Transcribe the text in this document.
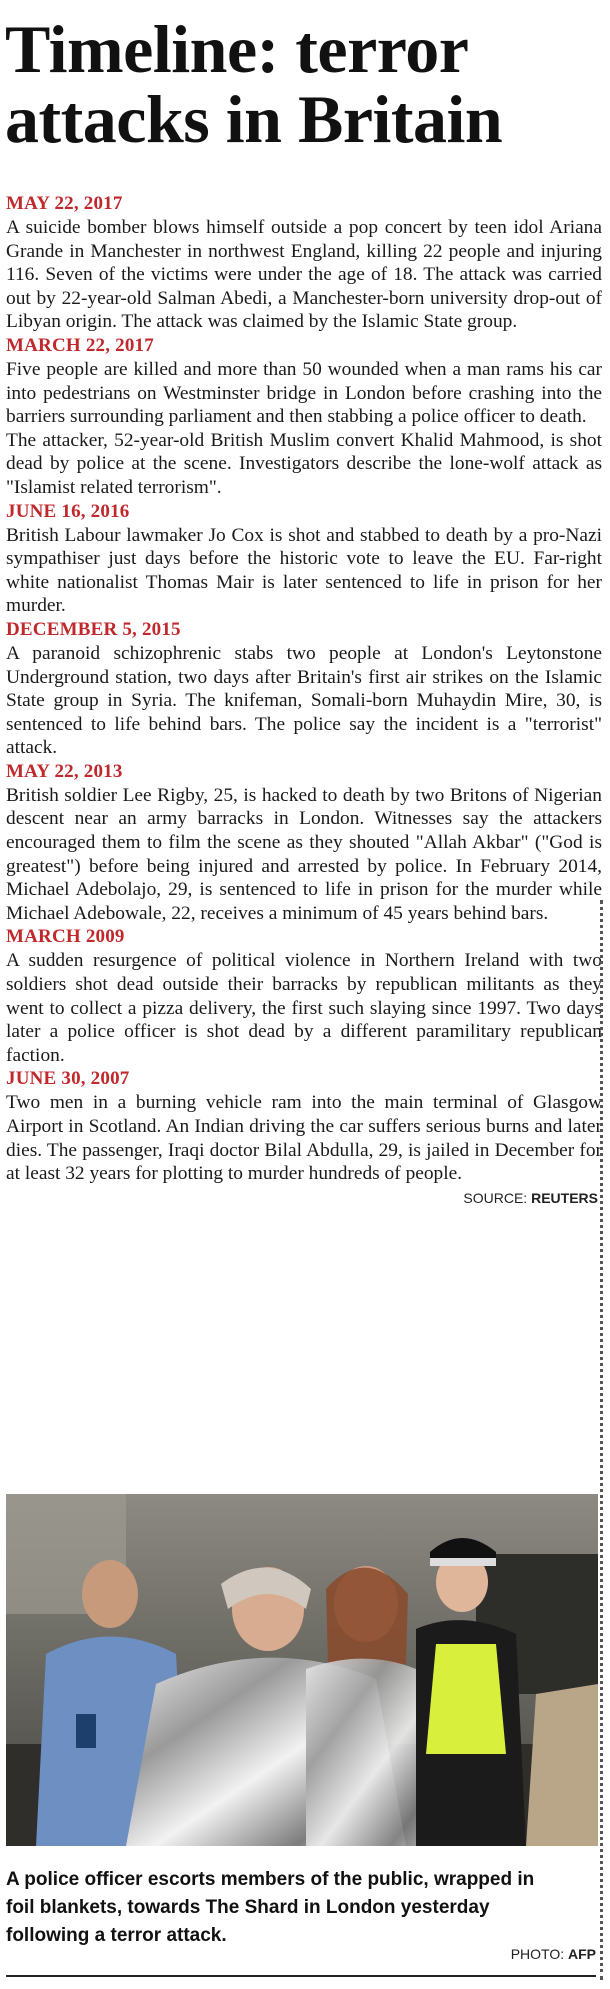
Timeline: terror attacks in Britain
MAY 22, 2017

A suicide bomber blows himself outside a pop concert by teen idol Ariana Grande in Manchester in northwest England, killing 22 people and injuring 116. Seven of the victims were under the age of 18. The attack was carried out by 22-year-old Salman Abedi, a Manchester-born university drop-out of Libyan origin. The attack was claimed by the Islamic State group.

MARCH 22, 2017

Five people are killed and more than 50 wounded when a man rams his car into pedestrians on Westminster bridge in London before crashing into the barriers surrounding parliament and then stabbing a police officer to death.

The attacker, 52-year-old British Muslim convert Khalid Mahmood, is shot dead by police at the scene. Investigators describe the lone-wolf attack as "Islamist related terrorism".

JUNE 16, 2016

British Labour lawmaker Jo Cox is shot and stabbed to death by a pro-Nazi sympathiser just days before the historic vote to leave the EU. Far-right white nationalist Thomas Mair is later sentenced to life in prison for her murder.

DECEMBER 5, 2015

A paranoid schizophrenic stabs two people at London's Leytonstone Underground station, two days after Britain's first air strikes on the Islamic State group in Syria. The knifeman, Somali-born Muhaydin Mire, 30, is sentenced to life behind bars. The police say the incident is a "terrorist" attack.

MAY 22, 2013

British soldier Lee Rigby, 25, is hacked to death by two Britons of Nigerian descent near an army barracks in London. Witnesses say the attackers encouraged them to film the scene as they shouted "Allah Akbar" ("God is greatest") before being injured and arrested by police. In February 2014, Michael Adebolajo, 29, is sentenced to life in prison for the murder while Michael Adebowale, 22, receives a minimum of 45 years behind bars.

MARCH 2009

A sudden resurgence of political violence in Northern Ireland with two soldiers shot dead outside their barracks by republican militants as they went to collect a pizza delivery, the first such slaying since 1997. Two days later a police officer is shot dead by a different paramilitary republican faction.

JUNE 30, 2007

Two men in a burning vehicle ram into the main terminal of Glasgow Airport in Scotland. An Indian driving the car suffers serious burns and later dies. The passenger, Iraqi doctor Bilal Abdulla, 29, is jailed in December for at least 32 years for plotting to murder hundreds of people.

SOURCE: REUTERS
A police officer escorts members of the public, wrapped in foil blankets, towards The Shard in London yesterday following a terror attack.
PHOTO: AFP
